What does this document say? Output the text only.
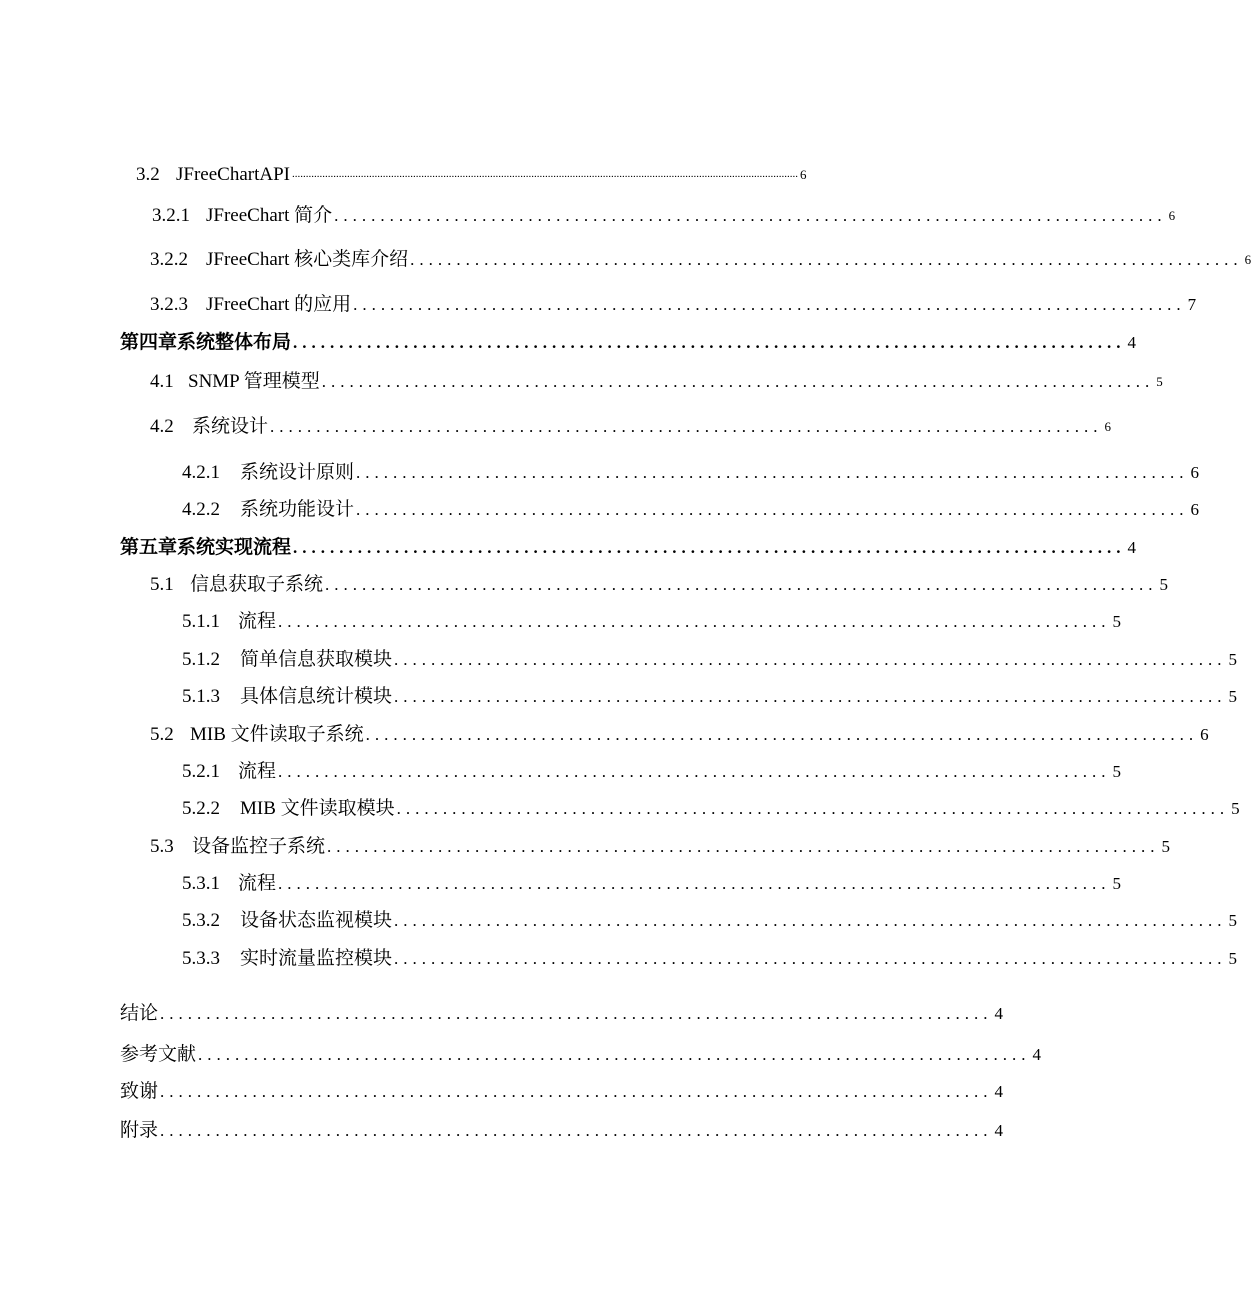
3.2 JFreeChartAPI ........................................................................................................................................................................................ 6
3.2.1 JFreeChart 简介 .......................................................................................... 6
3.2.2 JFreeChart 核心类库介绍 .......................................................................................... 6
3.2.3 JFreeChart 的应用 .......................................................................................... 7
第四章系统整体布局 .......................................................................................... 4
4.1 SNMP 管理模型 .......................................................................................... 5
4.2 系统设计 .......................................................................................... 6
4.2.1 系统设计原则 .......................................................................................... 6
4.2.2 系统功能设计 .......................................................................................... 6
第五章系统实现流程 .......................................................................................... 4
5.1 信息获取子系统 .......................................................................................... 5
5.1.1 流程 .......................................................................................... 5
5.1.2 简单信息获取模块 .......................................................................................... 5
5.1.3 具体信息统计模块 .......................................................................................... 5
5.2 MIB 文件读取子系统 .......................................................................................... 6
5.2.1 流程 .......................................................................................... 5
5.2.2 MIB 文件读取模块 .......................................................................................... 5
5.3 设备监控子系统 .......................................................................................... 5
5.3.1 流程 .......................................................................................... 5
5.3.2 设备状态监视模块 .......................................................................................... 5
5.3.3 实时流量监控模块 .......................................................................................... 5
结论 .......................................................................................... 4
参考文献 .......................................................................................... 4
致谢 .......................................................................................... 4
附录 .......................................................................................... 4
